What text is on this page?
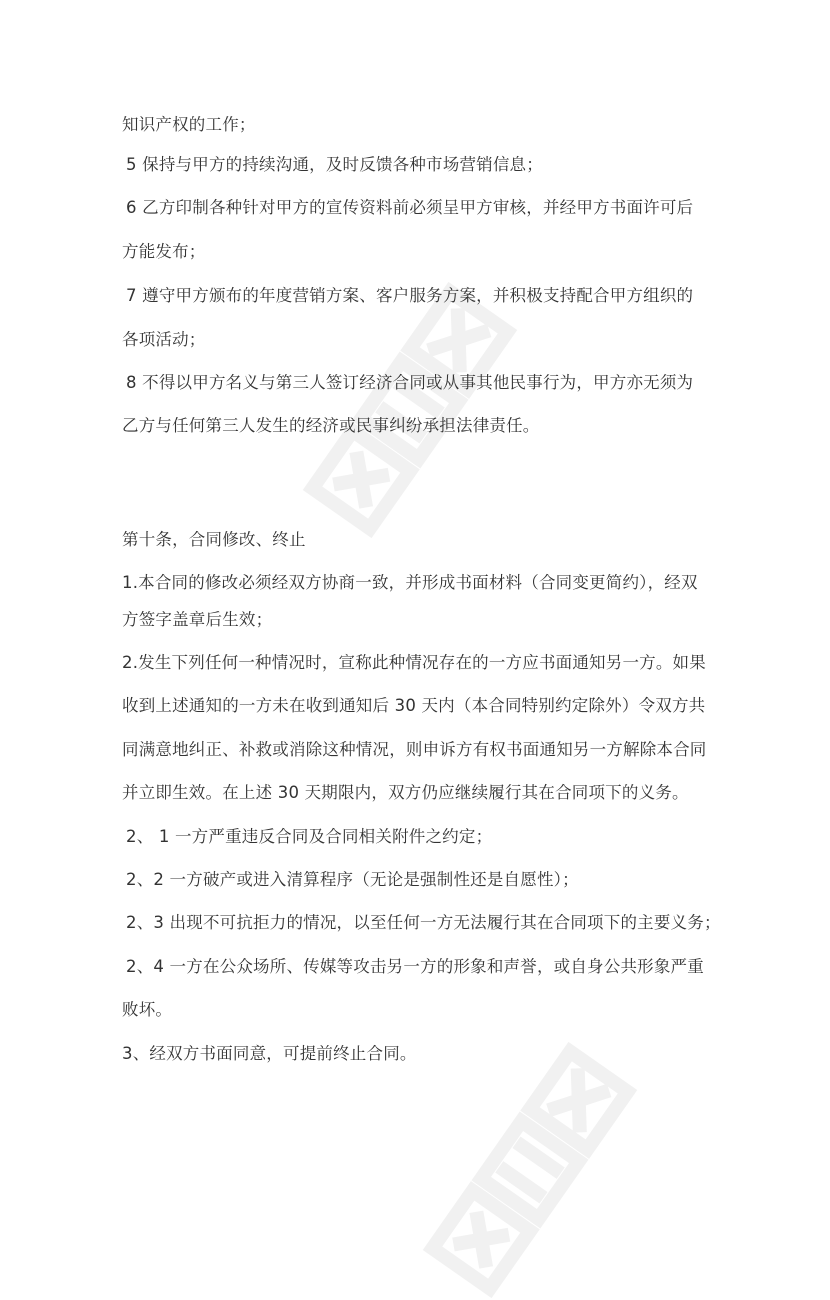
知识产权的工作；
5 保持与甲方的持续沟通，及时反馈各种市场营销信息；
6 乙方印制各种针对甲方的宣传资料前必须呈甲方审核，并经甲方书面许可后
方能发布；
7 遵守甲方颁布的年度营销方案、客户服务方案，并积极支持配合甲方组织的
各项活动；
8 不得以甲方名义与第三人签订经济合同或从事其他民事行为，甲方亦无须为
乙方与任何第三人发生的经济或民事纠纷承担法律责任。
第十条，合同修改、终止
1.本合同的修改必须经双方协商一致，并形成书面材料（合同变更简约），经双
方签字盖章后生效；
2.发生下列任何一种情况时，宣称此种情况存在的一方应书面通知另一方。如果
收到上述通知的一方未在收到通知后 30 天内（本合同特别约定除外）令双方共
同满意地纠正、补救或消除这种情况，则申诉方有权书面通知另一方解除本合同
并立即生效。在上述 30 天期限内，双方仍应继续履行其在合同项下的义务。
2、 1 一方严重违反合同及合同相关附件之约定；
2、2 一方破产或进入清算程序（无论是强制性还是自愿性）；
2、3 出现不可抗拒力的情况，以至任何一方无法履行其在合同项下的主要义务；
2、4 一方在公众场所、传媒等攻击另一方的形象和声誉，或自身公共形象严重
败坏。
3、经双方书面同意，可提前终止合同。
